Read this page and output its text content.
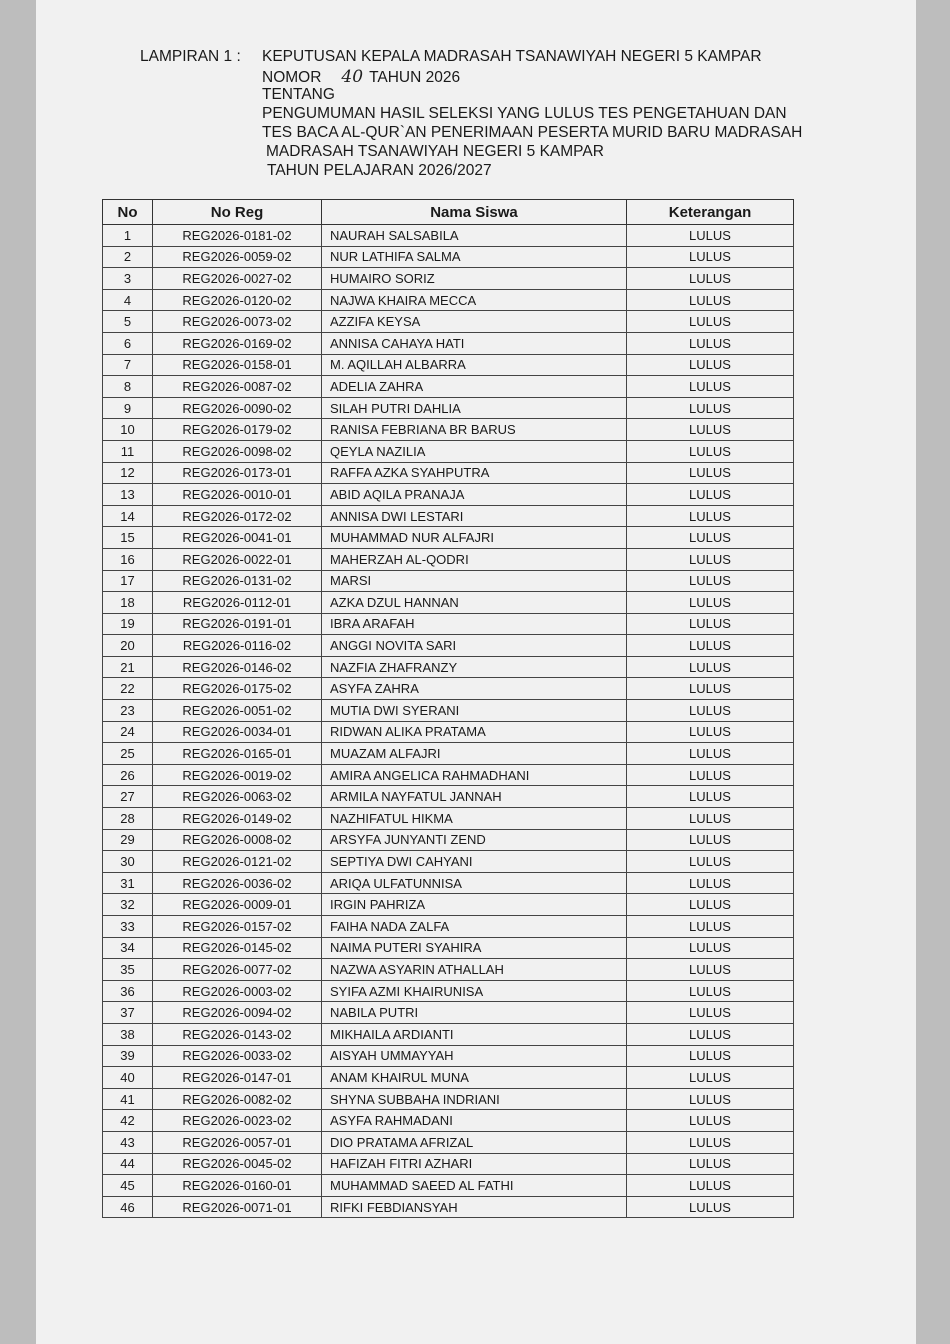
LAMPIRAN 1 :	KEPUTUSAN KEPALA MADRASAH TSANAWIYAH NEGERI 5 KAMPAR
NOMOR 40 TAHUN 2026
TENTANG
PENGUMUMAN HASIL SELEKSI YANG LULUS TES PENGETAHUAN DAN
TES BACA AL-QUR`AN PENERIMAAN PESERTA MURID BARU MADRASAH
MADRASAH TSANAWIYAH NEGERI 5 KAMPAR
TAHUN PELAJARAN 2026/2027
No	No Reg	Nama Siswa	Keterangan
1	REG2026-0181-02	NAURAH SALSABILA	LULUS
2	REG2026-0059-02	NUR LATHIFA SALMA	LULUS
3	REG2026-0027-02	HUMAIRO SORIZ	LULUS
4	REG2026-0120-02	NAJWA KHAIRA MECCA	LULUS
5	REG2026-0073-02	AZZIFA KEYSA	LULUS
6	REG2026-0169-02	ANNISA CAHAYA HATI	LULUS
7	REG2026-0158-01	M. AQILLAH ALBARRA	LULUS
8	REG2026-0087-02	ADELIA ZAHRA	LULUS
9	REG2026-0090-02	SILAH PUTRI DAHLIA	LULUS
10	REG2026-0179-02	RANISA FEBRIANA BR BARUS	LULUS
11	REG2026-0098-02	QEYLA NAZILIA	LULUS
12	REG2026-0173-01	RAFFA AZKA SYAHPUTRA	LULUS
13	REG2026-0010-01	ABID AQILA PRANAJA	LULUS
14	REG2026-0172-02	ANNISA DWI LESTARI	LULUS
15	REG2026-0041-01	MUHAMMAD NUR ALFAJRI	LULUS
16	REG2026-0022-01	MAHERZAH AL-QODRI	LULUS
17	REG2026-0131-02	MARSI	LULUS
18	REG2026-0112-01	AZKA DZUL HANNAN	LULUS
19	REG2026-0191-01	IBRA ARAFAH	LULUS
20	REG2026-0116-02	ANGGI NOVITA SARI	LULUS
21	REG2026-0146-02	NAZFIA ZHAFRANZY	LULUS
22	REG2026-0175-02	ASYFA ZAHRA	LULUS
23	REG2026-0051-02	MUTIA DWI SYERANI	LULUS
24	REG2026-0034-01	RIDWAN ALIKA PRATAMA	LULUS
25	REG2026-0165-01	MUAZAM ALFAJRI	LULUS
26	REG2026-0019-02	AMIRA ANGELICA RAHMADHANI	LULUS
27	REG2026-0063-02	ARMILA NAYFATUL JANNAH	LULUS
28	REG2026-0149-02	NAZHIFATUL HIKMA	LULUS
29	REG2026-0008-02	ARSYFA JUNYANTI ZEND	LULUS
30	REG2026-0121-02	SEPTIYA DWI CAHYANI	LULUS
31	REG2026-0036-02	ARIQA ULFATUNNISA	LULUS
32	REG2026-0009-01	IRGIN PAHRIZA	LULUS
33	REG2026-0157-02	FAIHA NADA ZALFA	LULUS
34	REG2026-0145-02	NAIMA PUTERI SYAHIRA	LULUS
35	REG2026-0077-02	NAZWA ASYARIN ATHALLAH	LULUS
36	REG2026-0003-02	SYIFA AZMI KHAIRUNISA	LULUS
37	REG2026-0094-02	NABILA PUTRI	LULUS
38	REG2026-0143-02	MIKHAILA ARDIANTI	LULUS
39	REG2026-0033-02	AISYAH UMMAYYAH	LULUS
40	REG2026-0147-01	ANAM KHAIRUL MUNA	LULUS
41	REG2026-0082-02	SHYNA SUBBAHA INDRIANI	LULUS
42	REG2026-0023-02	ASYFA RAHMADANI	LULUS
43	REG2026-0057-01	DIO PRATAMA AFRIZAL	LULUS
44	REG2026-0045-02	HAFIZAH FITRI AZHARI	LULUS
45	REG2026-0160-01	MUHAMMAD SAEED AL FATHI	LULUS
46	REG2026-0071-01	RIFKI FEBDIANSYAH	LULUS
